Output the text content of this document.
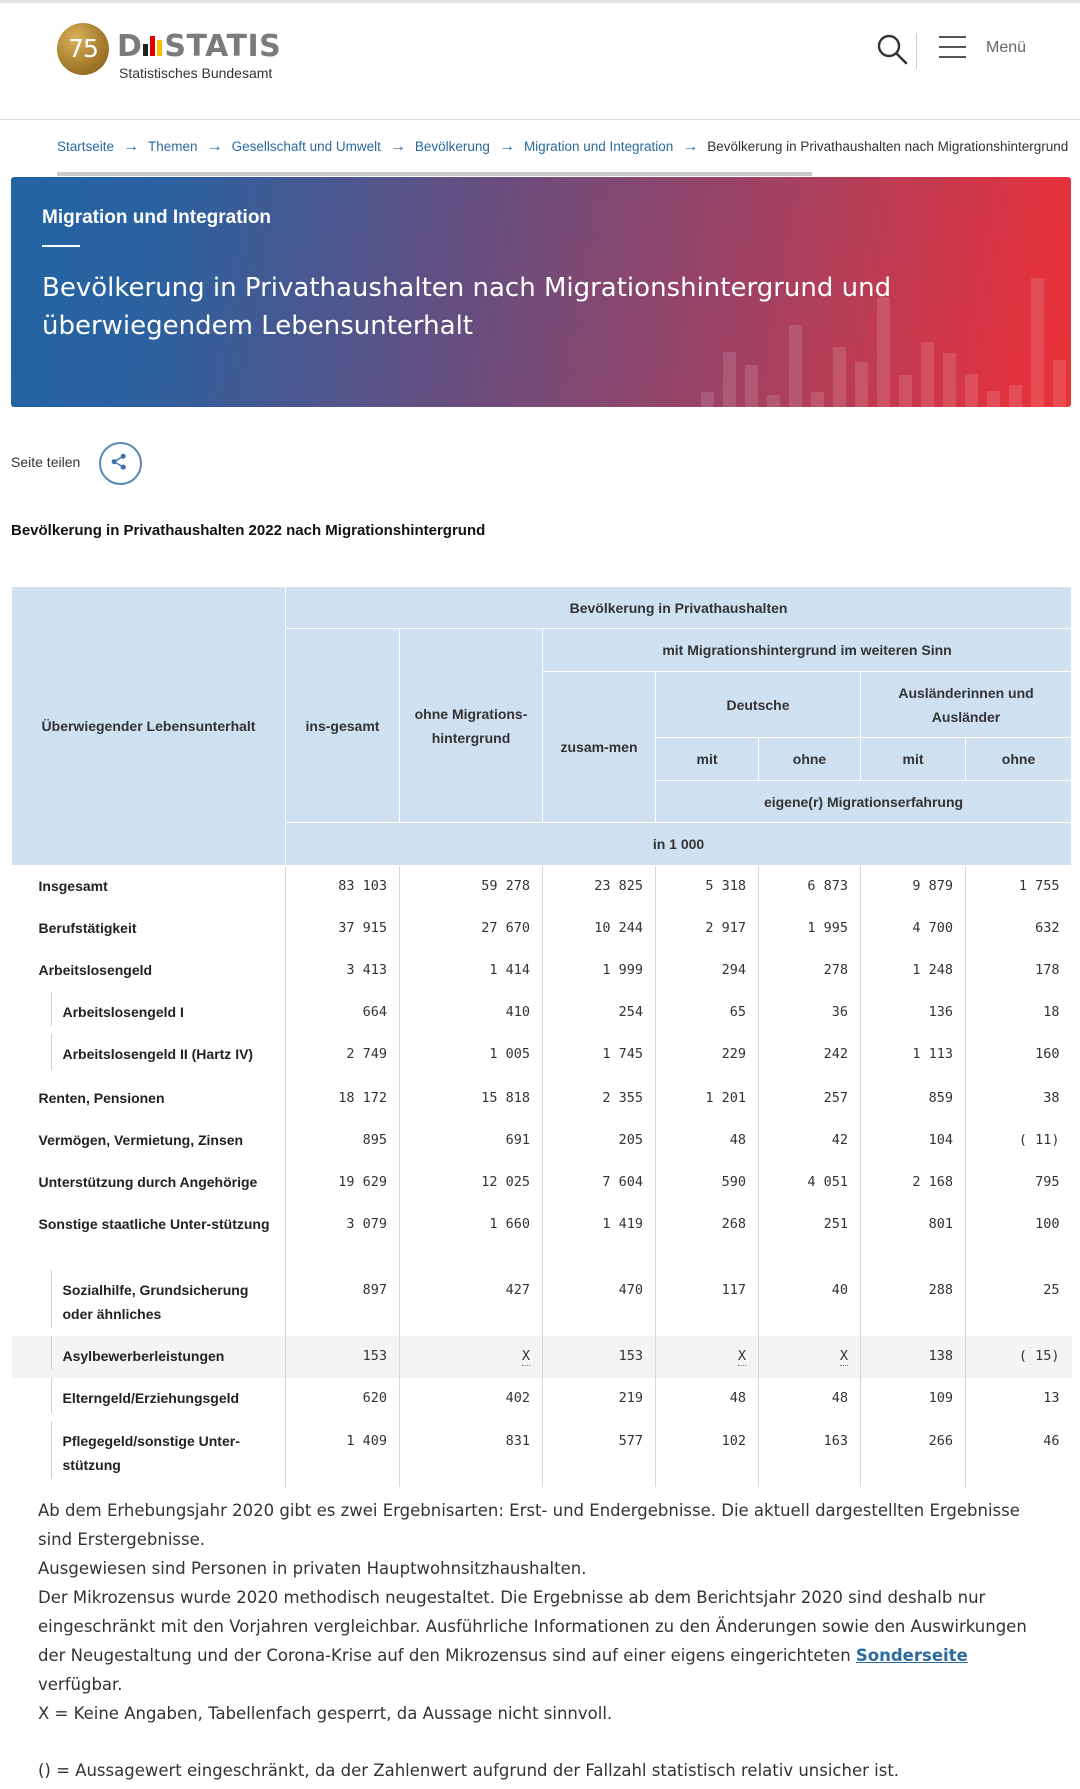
75 D STATIS
Statistisches Bundesamt
Menü
Startseite → Themen → Gesellschaft und Umwelt → Bevölkerung → Migration und Integration → Bevölkerung in Privathaushalten nach Migrationshintergrund
Migration und Integration
Bevölkerung in Privathaushalten nach Migrationshintergrund und überwiegendem Lebensunterhalt
Seite teilen
Bevölkerung in Privathaushalten 2022 nach Migrationshintergrund
Überwiegender Lebensunterhalt	Bevölkerung in Privathaushalten						
	ins-gesamt	ohne Migrations-hintergrund	mit Migrationshintergrund im weiteren Sinn				
			zusam-men	Deutsche		Ausländerinnen und Ausländer	
				mit	ohne	mit	ohne
				eigene(r) Migrationserfahrung			
	in 1 000						
Insgesamt	83 103	59 278	23 825	5 318	6 873	9 879	1 755
Berufstätigkeit	37 915	27 670	10 244	2 917	1 995	4 700	632
Arbeitslosengeld	3 413	1 414	1 999	294	278	1 248	178

Arbeitslosengeld I	664	410	254	65	36	136	18

Arbeitslosengeld II (Hartz IV)	2 749	1 005	1 745	229	242	1 113	160
Renten, Pensionen	18 172	15 818	2 355	1 201	257	859	38
Vermögen, Vermietung, Zinsen	895	691	205	48	42	104	( 11)
Unterstützung durch Angehörige	19 629	12 025	7 604	590	4 051	2 168	795
Sonstige staatliche Unter-stützung	3 079	1 660	1 419	268	251	801	100

Sozialhilfe, Grundsicherung oder ähnliches	897	427	470	117	40	288	25

Asylbewerberleistungen	153	X	153	X	X	138	( 15)

Elterngeld/Erziehungsgeld	620	402	219	48	48	109	13

Pflegegeld/sonstige Unter-stützung	1 409	831	577	102	163	266	46

Ab dem Erhebungsjahr 2020 gibt es zwei Ergebnisarten: Erst- und Endergebnisse. Die aktuell dargestellten Ergebnisse sind Erstergebnisse.

Ausgewiesen sind Personen in privaten Hauptwohnsitzhaushalten.

Der Mikrozensus wurde 2020 methodisch neugestaltet. Die Ergebnisse ab dem Berichtsjahr 2020 sind deshalb nur eingeschränkt mit den Vorjahren vergleichbar. Ausführliche Informationen zu den Änderungen sowie den Auswirkungen der Neugestaltung und der Corona-Krise auf den Mikrozensus sind auf einer eigens eingerichteten Sonderseite verfügbar.

X = Keine Angaben, Tabellenfach gesperrt, da Aussage nicht sinnvoll.

() = Aussagewert eingeschränkt, da der Zahlenwert aufgrund der Fallzahl statistisch relativ unsicher ist.
